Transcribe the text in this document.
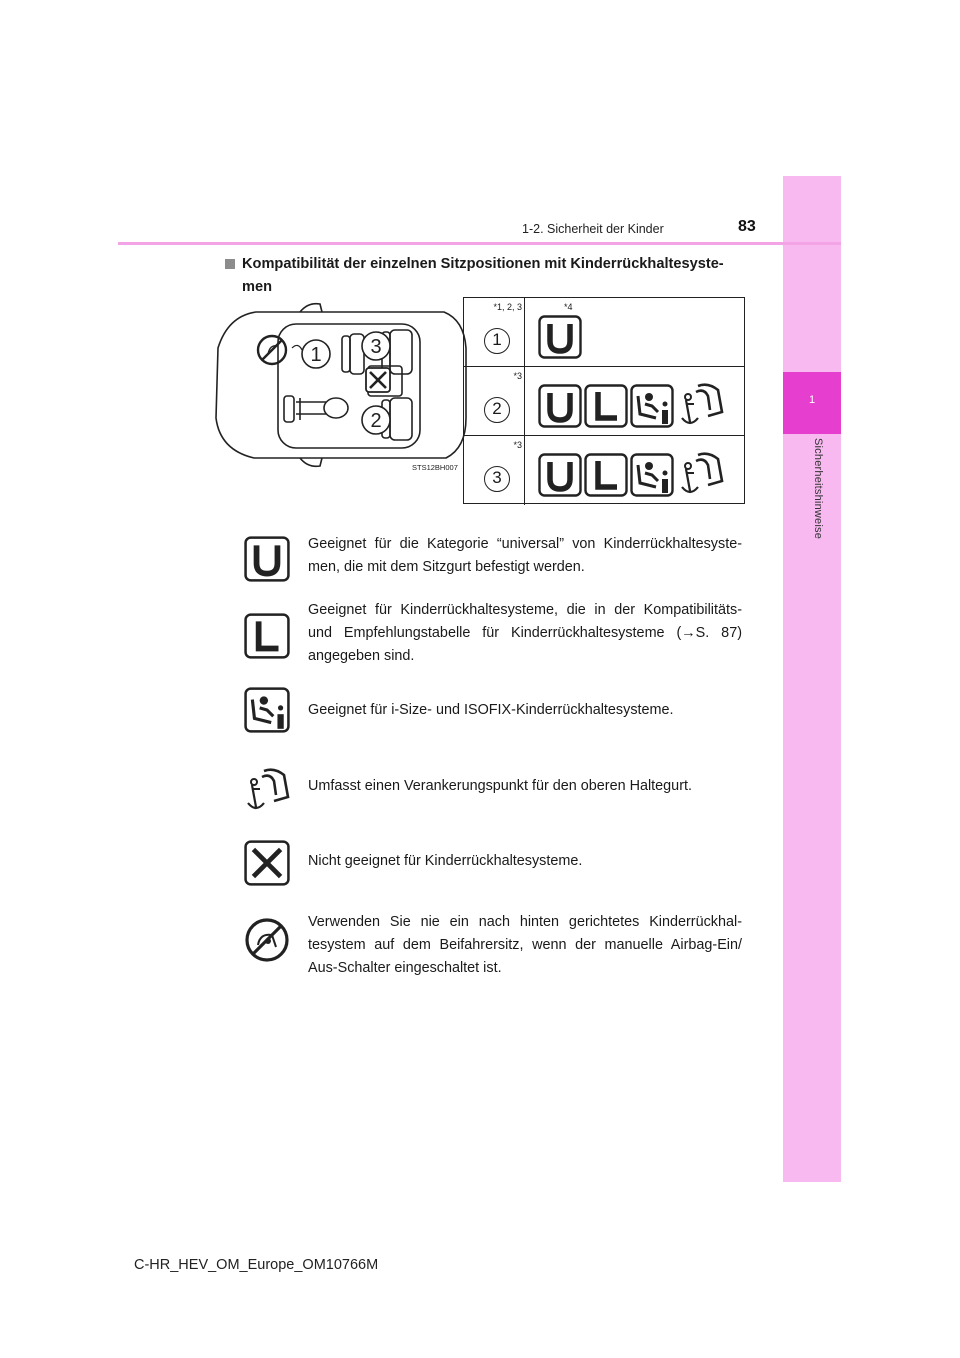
1
Sicherheitshinweise
1-2. Sicherheit der Kinder	83
Kompatibilität der einzelnen Sitzpositionen mit Kinderrückhaltesyste-men
1 3
2
STS12BH007
*1, 2, 3	*4
1
*3
2
*3
3
Geeignet für die Kategorie “universal” von Kinderrückhaltesyste-men, die mit dem Sitzgurt befestigt werden.
Geeignet für Kinderrückhaltesysteme, die in der Kompatibilitäts- und Empfehlungstabelle für Kinderrückhaltesysteme (→S. 87) angegeben sind.
Geeignet für i-Size- und ISOFIX-Kinderrückhaltesysteme.
Umfasst einen Verankerungspunkt für den oberen Haltegurt.
Nicht geeignet für Kinderrückhaltesysteme.
Verwenden Sie nie ein nach hinten gerichtetes Kinderrückhal-tesystem auf dem Beifahrersitz, wenn der manuelle Airbag-Ein/ Aus-Schalter eingeschaltet ist.
C-HR_HEV_OM_Europe_OM10766M
